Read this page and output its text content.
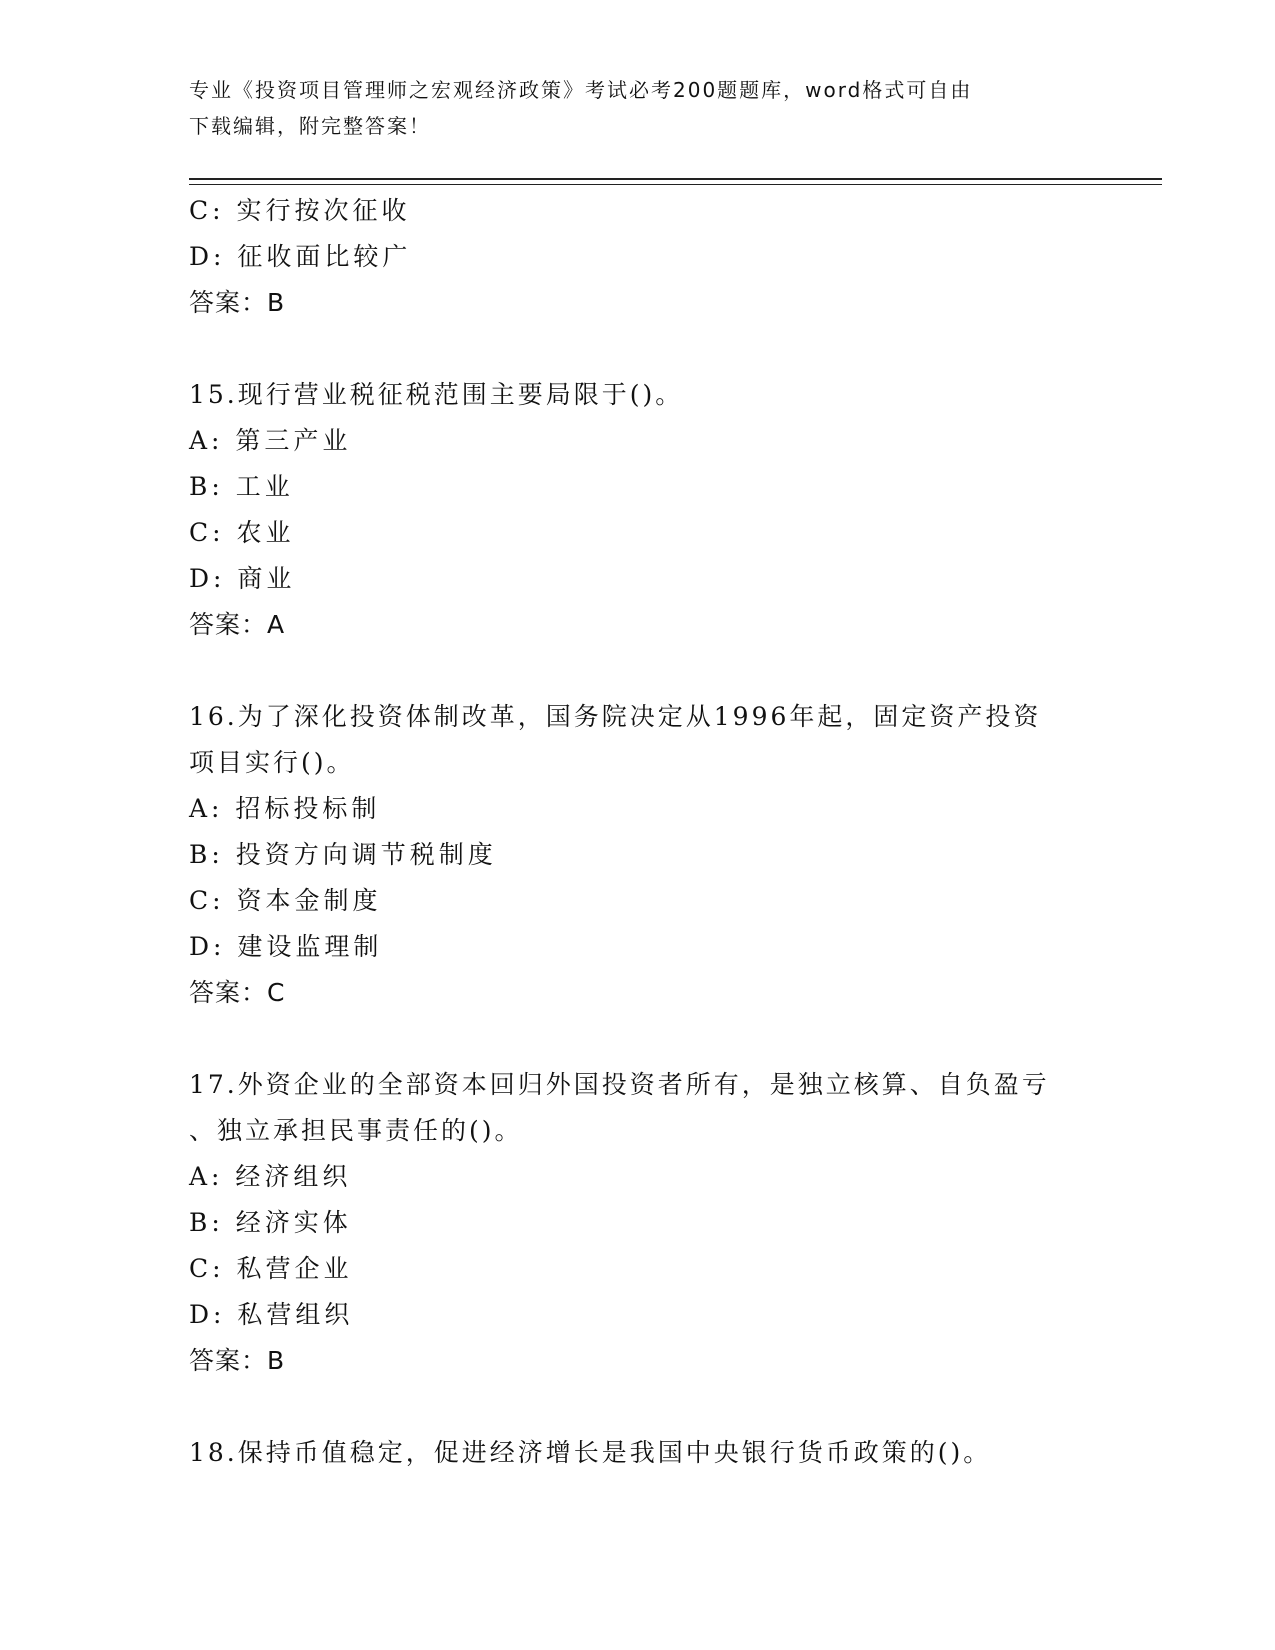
专业《投资项目管理师之宏观经济政策》考试必考200题题库，word格式可自由
下载编辑，附完整答案！
C: 实行按次征收
D: 征收面比较广
答案：B
15.现行营业税征税范围主要局限于()。
A: 第三产业
B: 工业
C: 农业
D: 商业
答案：A
16.为了深化投资体制改革，国务院决定从1996年起，固定资产投资
项目实行()。
A: 招标投标制
B: 投资方向调节税制度
C: 资本金制度
D: 建设监理制
答案：C
17.外资企业的全部资本回归外国投资者所有，是独立核算、自负盈亏
、独立承担民事责任的()。
A: 经济组织
B: 经济实体
C: 私营企业
D: 私营组织
答案：B
18.保持币值稳定，促进经济增长是我国中央银行货币政策的()。
